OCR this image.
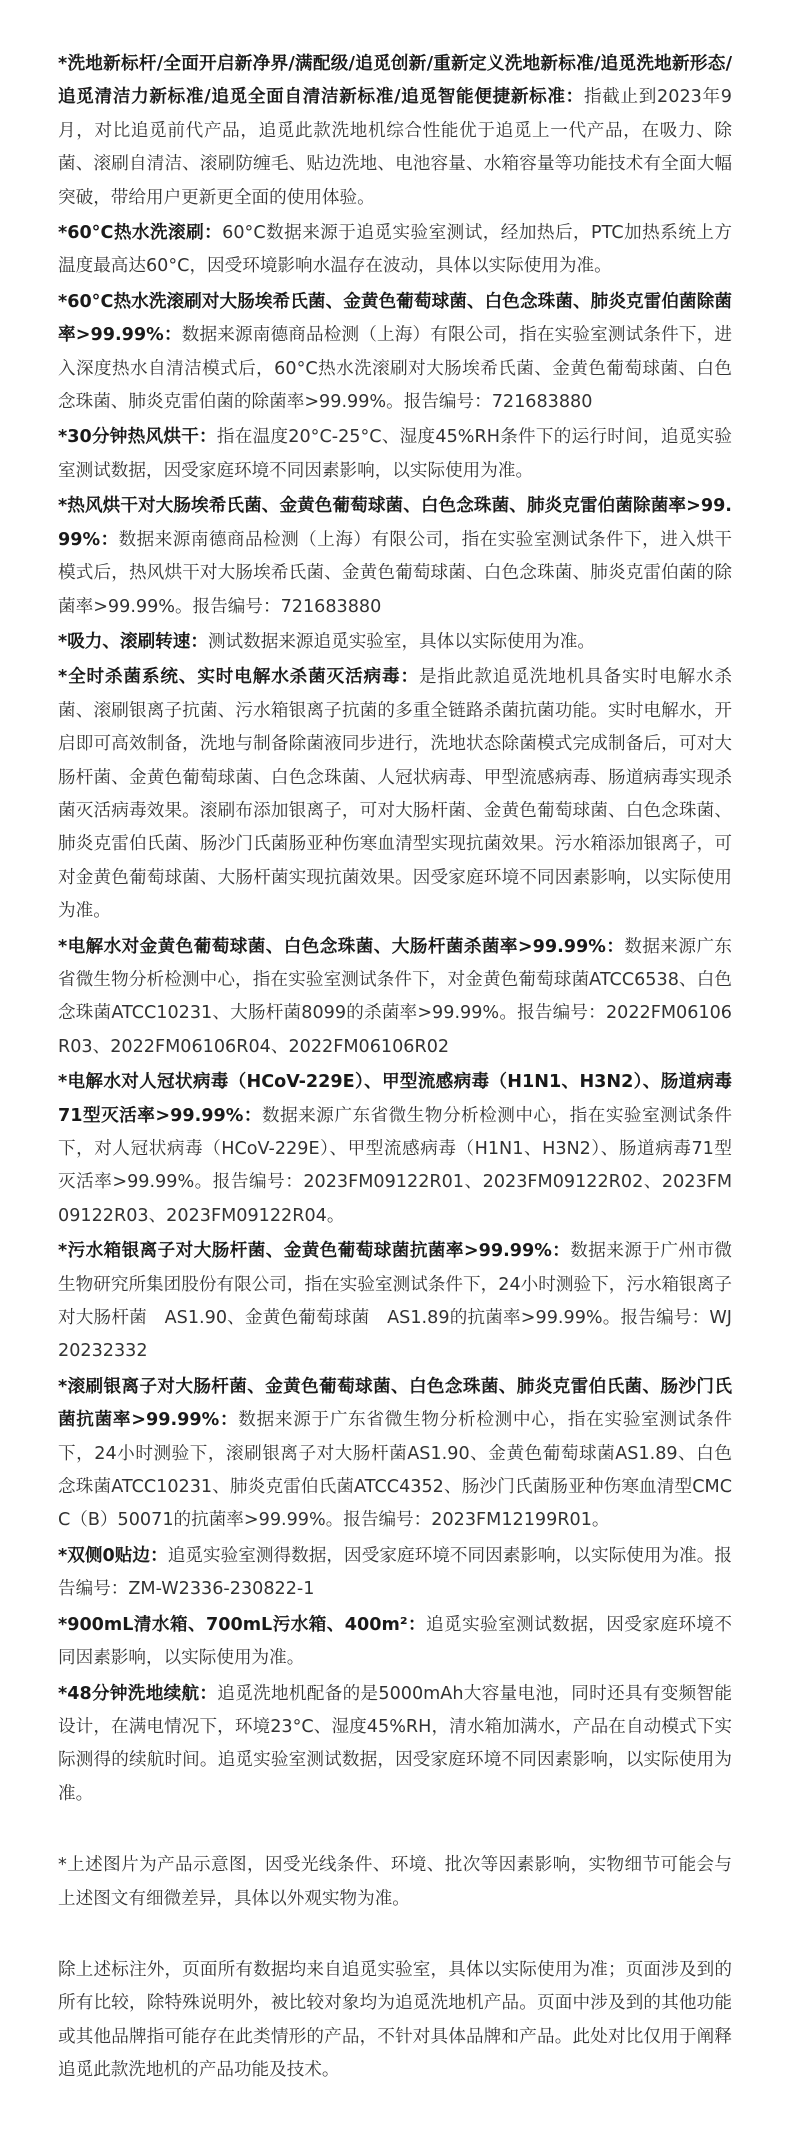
*洗地新标杆/全面开启新净界/满配级/追觅创新/重新定义洗地新标准/追觅洗地新形态/追觅清洁力新标准/追觅全面自清洁新标准/追觅智能便捷新标准：指截止到2023年9月，对比追觅前代产品，追觅此款洗地机综合性能优于追觅上一代产品，在吸力、除菌、滚刷自清洁、滚刷防缠毛、贴边洗地、电池容量、水箱容量等功能技术有全面大幅突破，带给用户更新更全面的使用体验。

*60°C热水洗滚刷：60°C数据来源于追觅实验室测试，经加热后，PTC加热系统上方温度最高达60°C，因受环境影响水温存在波动，具体以实际使用为准。

*60°C热水洗滚刷对大肠埃希氏菌、金黄色葡萄球菌、白色念珠菌、肺炎克雷伯菌除菌率>99.99%：数据来源南德商品检测（上海）有限公司，指在实验室测试条件下，进入深度热水自清洁模式后，60°C热水洗滚刷对大肠埃希氏菌、金黄色葡萄球菌、白色念珠菌、肺炎克雷伯菌的除菌率>99.99%。报告编号：721683880

*30分钟热风烘干：指在温度20°C-25°C、湿度45%RH条件下的运行时间，追觅实验室测试数据，因受家庭环境不同因素影响，以实际使用为准。

*热风烘干对大肠埃希氏菌、金黄色葡萄球菌、白色念珠菌、肺炎克雷伯菌除菌率>99.99%：数据来源南德商品检测（上海）有限公司，指在实验室测试条件下，进入烘干模式后，热风烘干对大肠埃希氏菌、金黄色葡萄球菌、白色念珠菌、肺炎克雷伯菌的除菌率>99.99%。报告编号：721683880

*吸力、滚刷转速：测试数据来源追觅实验室，具体以实际使用为准。

*全时杀菌系统、实时电解水杀菌灭活病毒：是指此款追觅洗地机具备实时电解水杀菌、滚刷银离子抗菌、污水箱银离子抗菌的多重全链路杀菌抗菌功能。实时电解水，开启即可高效制备，洗地与制备除菌液同步进行，洗地状态除菌模式完成制备后，可对大肠杆菌、金黄色葡萄球菌、白色念珠菌、人冠状病毒、甲型流感病毒、肠道病毒实现杀菌灭活病毒效果。滚刷布添加银离子，可对大肠杆菌、金黄色葡萄球菌、白色念珠菌、肺炎克雷伯氏菌、肠沙门氏菌肠亚种伤寒血清型实现抗菌效果。污水箱添加银离子，可对金黄色葡萄球菌、大肠杆菌实现抗菌效果。因受家庭环境不同因素影响，以实际使用为准。

*电解水对金黄色葡萄球菌、白色念珠菌、大肠杆菌杀菌率>99.99%：数据来源广东省微生物分析检测中心，指在实验室测试条件下，对金黄色葡萄球菌ATCC6538、白色念珠菌ATCC10231、大肠杆菌8099的杀菌率>99.99%。报告编号：2022FM06106R03、2022FM06106R04、2022FM06106R02

*电解水对人冠状病毒（HCoV-229E）、甲型流感病毒（H1N1、H3N2）、肠道病毒71型灭活率>99.99%：数据来源广东省微生物分析检测中心，指在实验室测试条件下，对人冠状病毒（HCoV-229E）、甲型流感病毒（H1N1、H3N2）、肠道病毒71型灭活率>99.99%。报告编号：2023FM09122R01、2023FM09122R02、2023FM09122R03、2023FM09122R04。

*污水箱银离子对大肠杆菌、金黄色葡萄球菌抗菌率>99.99%：数据来源于广州市微生物研究所集团股份有限公司，指在实验室测试条件下，24小时测验下，污水箱银离子对大肠杆菌　AS1.90、金黄色葡萄球菌　AS1.89的抗菌率>99.99%。报告编号：WJ20232332

*滚刷银离子对大肠杆菌、金黄色葡萄球菌、白色念珠菌、肺炎克雷伯氏菌、肠沙门氏菌抗菌率>99.99%：数据来源于广东省微生物分析检测中心，指在实验室测试条件下，24小时测验下，滚刷银离子对大肠杆菌AS1.90、金黄色葡萄球菌AS1.89、白色念珠菌ATCC10231、肺炎克雷伯氏菌ATCC4352、肠沙门氏菌肠亚种伤寒血清型CMCC（B）50071的抗菌率>99.99%。报告编号：2023FM12199R01。

*双侧0贴边：追觅实验室测得数据，因受家庭环境不同因素影响，以实际使用为准。报告编号：ZM-W2336-230822-1

*900mL清水箱、700mL污水箱、400m²：追觅实验室测试数据，因受家庭环境不同因素影响，以实际使用为准。

*48分钟洗地续航：追觅洗地机配备的是5000mAh大容量电池，同时还具有变频智能设计，在满电情况下，环境23°C、湿度45%RH，清水箱加满水，产品在自动模式下实际测得的续航时间。追觅实验室测试数据，因受家庭环境不同因素影响，以实际使用为准。

*上述图片为产品示意图，因受光线条件、环境、批次等因素影响，实物细节可能会与上述图文有细微差异，具体以外观实物为准。

除上述标注外，页面所有数据均来自追觅实验室，具体以实际使用为准；页面涉及到的所有比较，除特殊说明外，被比较对象均为追觅洗地机产品。页面中涉及到的其他功能或其他品牌指可能存在此类情形的产品，不针对具体品牌和产品。此处对比仅用于阐释追觅此款洗地机的产品功能及技术。
